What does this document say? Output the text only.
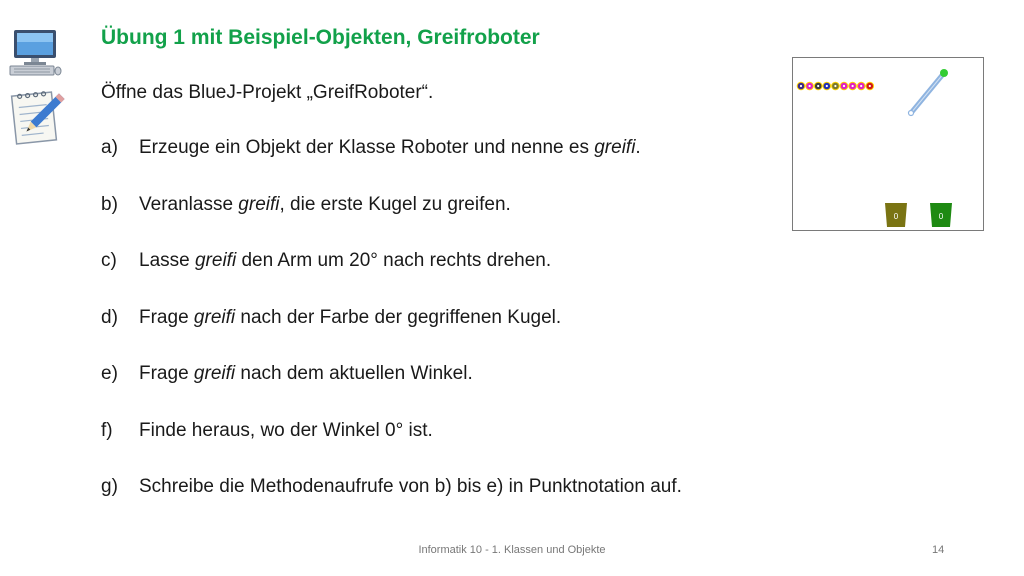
Übung 1 mit Beispiel-Objekten, Greifroboter

Öffne das BlueJ-Projekt „GreifRoboter“.

a) Erzeuge ein Objekt der Klasse Roboter und nenne es greifi.
b) Veranlasse greifi, die erste Kugel zu greifen.
c) Lasse greifi den Arm um 20° nach rechts drehen.
d) Frage greifi nach der Farbe der gegriffenen Kugel.
e) Frage greifi nach dem aktuellen Winkel.
f) Finde heraus, wo der Winkel 0° ist.
g) Schreibe die Methodenaufrufe von b) bis e) in Punktnotation auf.
0	0
Informatik 10 - 1. Klassen und Objekte	14
